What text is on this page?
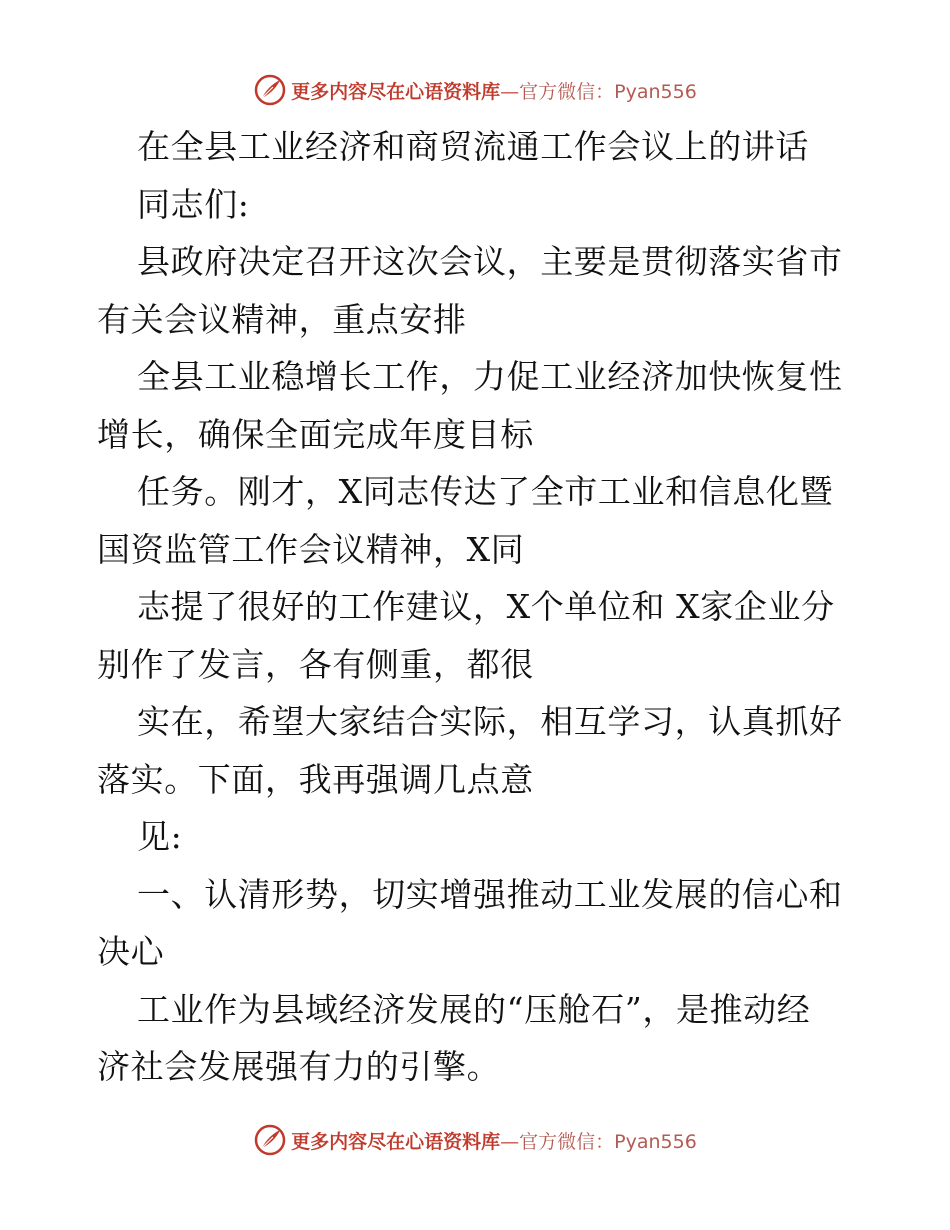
更多内容尽在心语资料库—官方微信：Pyan556
在全县工业经济和商贸流通工作会议上的讲话
同志们:
县政府决定召开这次会议，主要是贯彻落实省市
有关会议精神，重点安排
全县工业稳增长工作，力促工业经济加快恢复性
增长，确保全面完成年度目标
任务。刚才，X同志传达了全市工业和信息化暨
国资监管工作会议精神，X同
志提了很好的工作建议，X个单位和 X家企业分
别作了发言，各有侧重，都很
实在，希望大家结合实际，相互学习，认真抓好
落实。下面，我再强调几点意
见:
一、认清形势，切实增强推动工业发展的信心和
决心
工业作为县域经济发展的“压舱石”，是推动经
济社会发展强有力的引擎。
更多内容尽在心语资料库—官方微信：Pyan556
